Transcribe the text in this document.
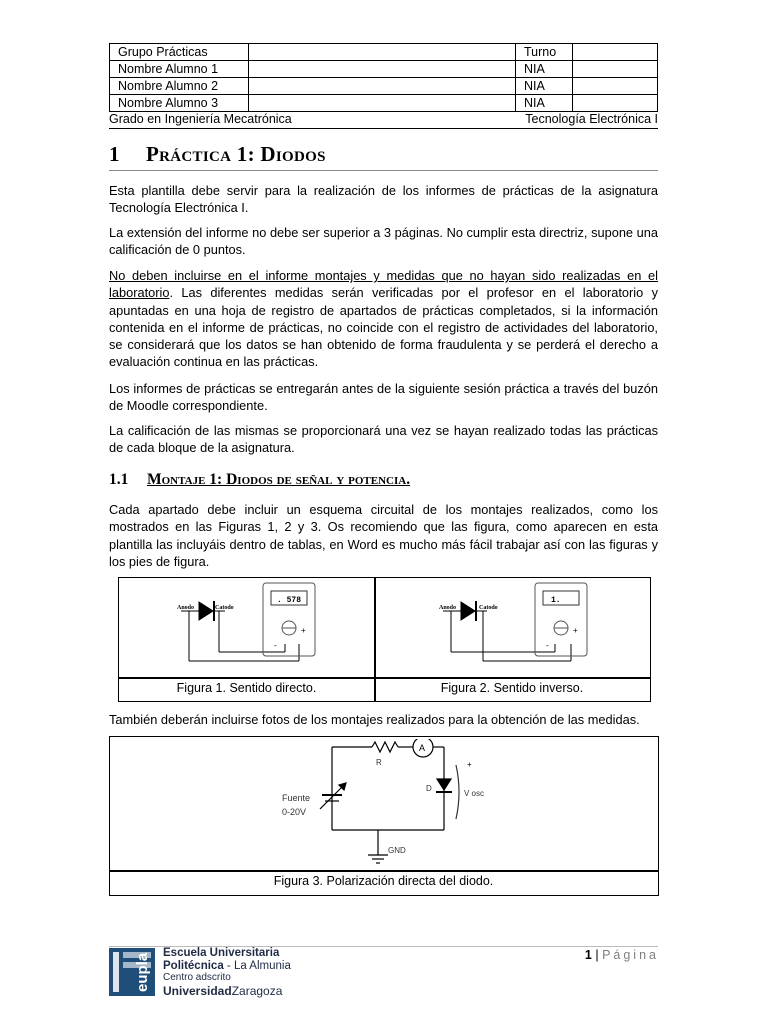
Grupo Prácticas		Turno	
Nombre Alumno 1		NIA	
Nombre Alumno 2		NIA	
Nombre Alumno 3		NIA	
Grado en Ingeniería Mecatrónica	Tecnología Electrónica I
1 Práctica 1: Diodos
Esta plantilla debe servir para la realización de los informes de prácticas de la asignatura Tecnología Electrónica I.
La extensión del informe no debe ser superior a 3 páginas. No cumplir esta directriz, supone una calificación de 0 puntos.
No deben incluirse en el informe montajes y medidas que no hayan sido realizadas en el laboratorio. Las diferentes medidas serán verificadas por el profesor en el laboratorio y apuntadas en una hoja de registro de apartados de prácticas completados, si la información contenida en el informe de prácticas, no coincide con el registro de actividades del laboratorio, se considerará que los datos se han obtenido de forma fraudulenta y se perderá el derecho a evaluación continua en las prácticas.
Los informes de prácticas se entregarán antes de la siguiente sesión práctica a través del buzón de Moodle correspondiente.
La calificación de las mismas se proporcionará una vez se hayan realizado todas las prácticas de cada bloque de la asignatura.
1.1 Montaje 1: Diodos de señal y potencia.
Cada apartado debe incluir un esquema circuital de los montajes realizados, como los mostrados en las Figuras 1, 2 y 3. Os recomiendo que las figura, como aparecen en esta plantilla las incluyáis dentro de tablas, en Word es mucho más fácil trabajar así con las figuras y los pies de figura.
Anodo	Catodo
. 578
-
+
Anodo	Catodo
1.
-
+
Figura 1. Sentido directo.	Figura 2. Sentido inverso.
También deberán incluirse fotos de los montajes realizados para la obtención de las medidas.
A
R
D
+
V osc
Fuente
0-20V
GND
Figura 3. Polarización directa del diodo.
eupla Escuela Universitaria
Politécnica - La Almunia
Centro adscrito
UniversidadZaragoza
1 | Página
